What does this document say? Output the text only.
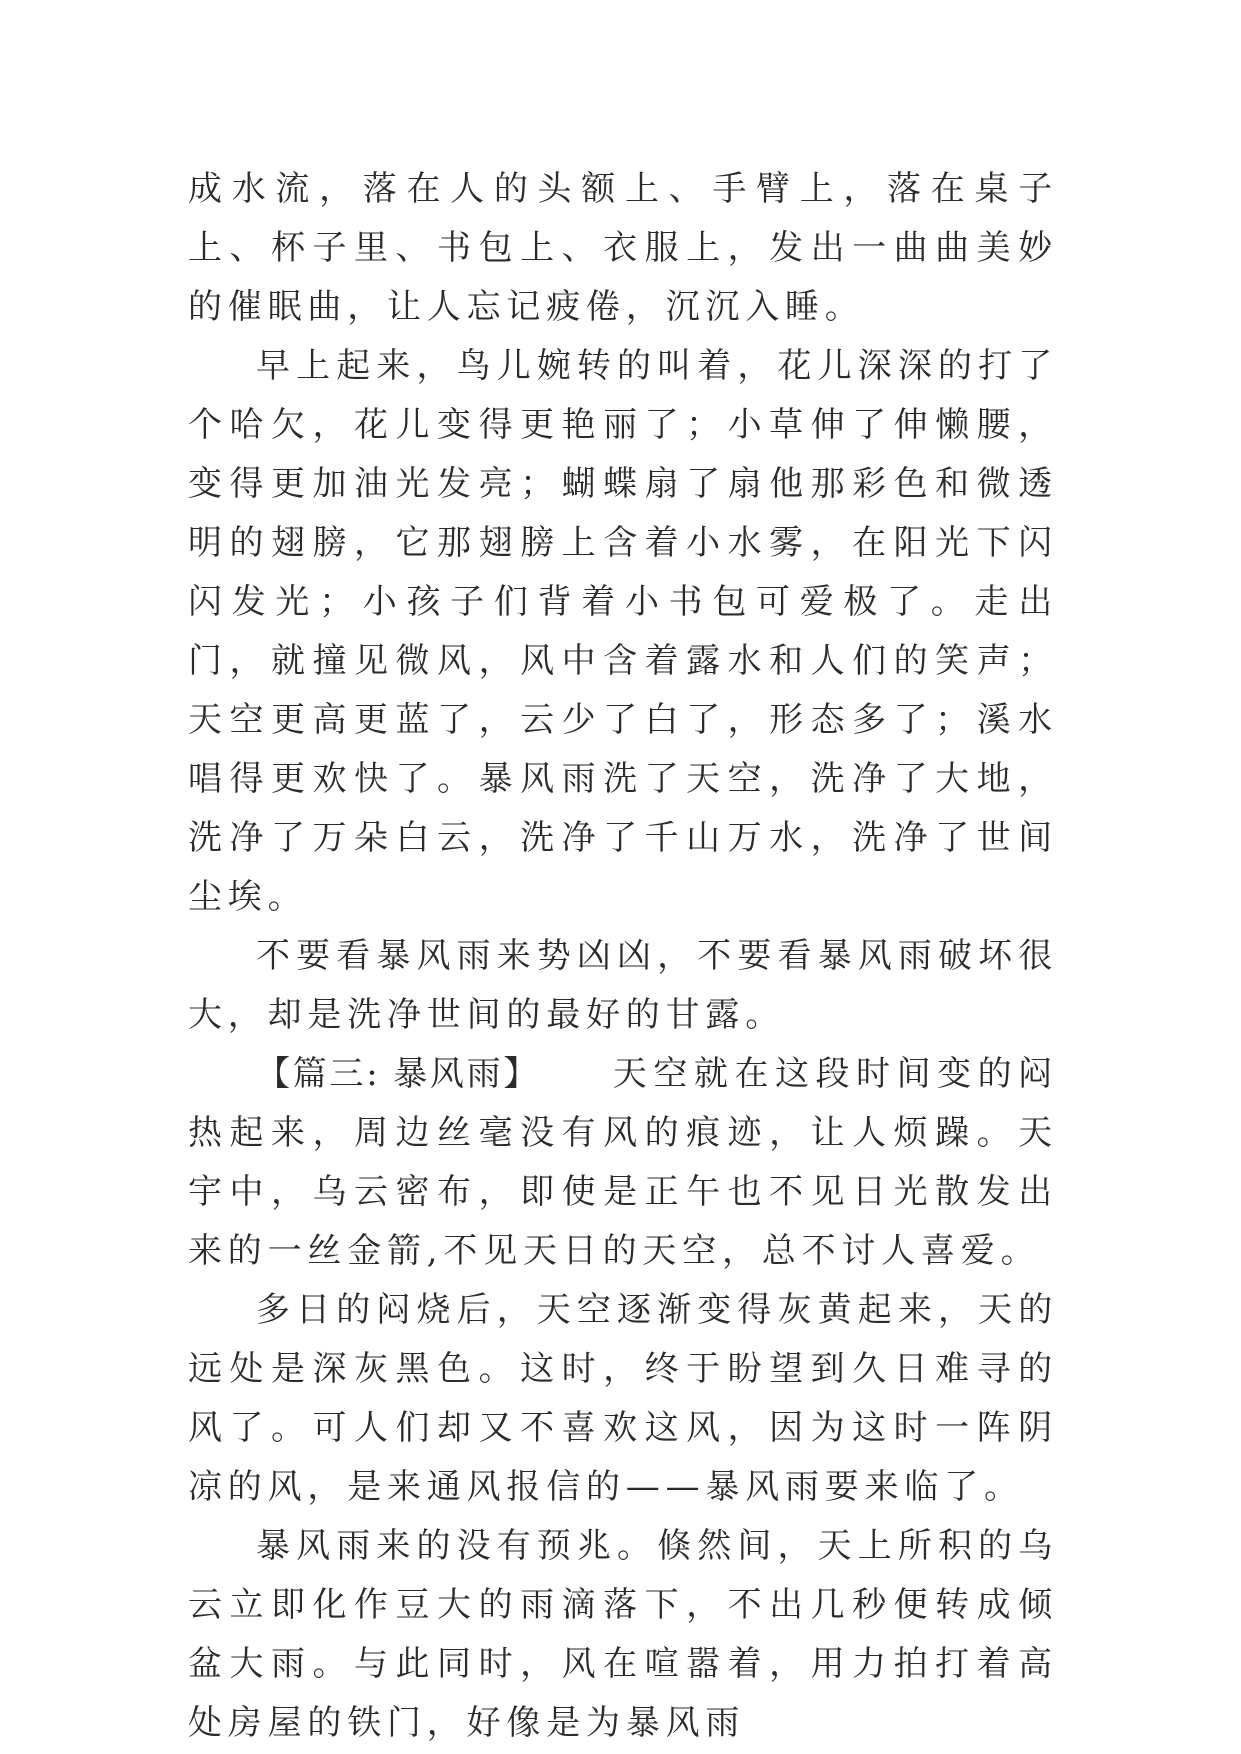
成水流，落在人的头额上、手臂上，落在桌子上、杯子里、书包上、衣服上，发出一曲曲美妙的催眠曲，让人忘记疲倦，沉沉入睡。

早上起来，鸟儿婉转的叫着，花儿深深的打了个哈欠，花儿变得更艳丽了；小草伸了伸懒腰，变得更加油光发亮；蝴蝶扇了扇他那彩色和微透明的翅膀，它那翅膀上含着小水雾，在阳光下闪闪发光；小孩子们背着小书包可爱极了。走出门，就撞见微风，风中含着露水和人们的笑声；天空更高更蓝了，云少了白了，形态多了；溪水唱得更欢快了。暴风雨洗了天空，洗净了大地，洗净了万朵白云，洗净了千山万水，洗净了世间尘埃。

不要看暴风雨来势凶凶，不要看暴风雨破坏很大，却是洗净世间的最好的甘露。

【篇三: 暴风雨】 天空就在这段时间变的闷热起来，周边丝毫没有风的痕迹，让人烦躁。天宇中，乌云密布，即使是正午也不见日光散发出来的一丝金箭,不见天日的天空，总不讨人喜爱。

多日的闷烧后，天空逐渐变得灰黄起来，天的远处是深灰黑色。这时，终于盼望到久日难寻的风了。可人们却又不喜欢这风，因为这时一阵阴凉的风，是来通风报信的——暴风雨要来临了。

暴风雨来的没有预兆。倏然间，天上所积的乌云立即化作豆大的雨滴落下，不出几秒便转成倾盆大雨。与此同时，风在喧嚣着，用力拍打着高处房屋的铁门，好像是为暴风雨
